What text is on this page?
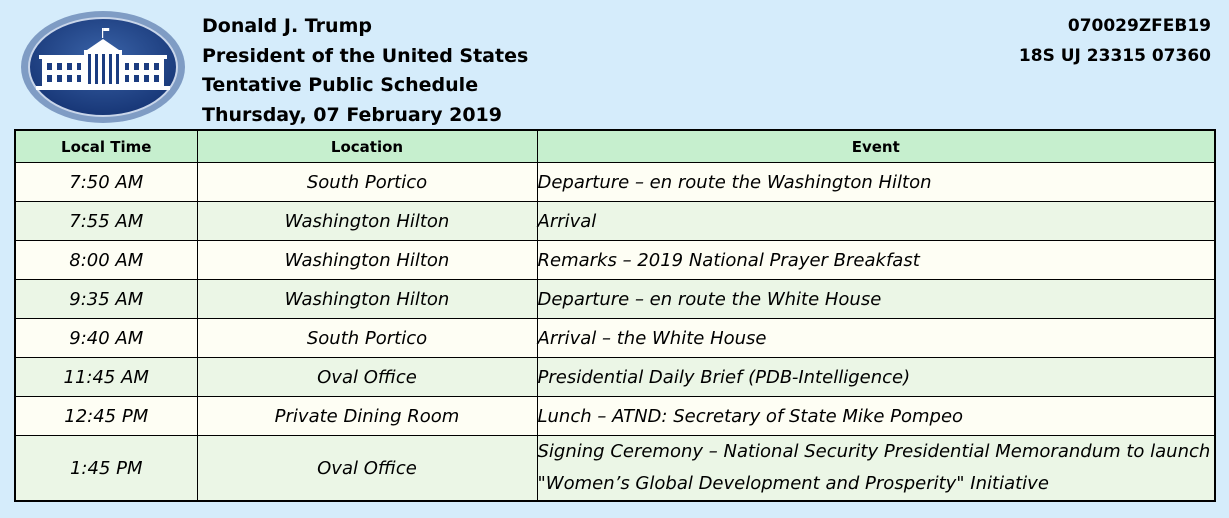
Donald J. Trump
President of the United States
Tentative Public Schedule
Thursday, 07 February 2019
070029ZFEB19
18S UJ 23315 07360
Local Time	Location	Event
7:50 AM	South Portico	Departure – en route the Washington Hilton
7:55 AM	Washington Hilton	Arrival
8:00 AM	Washington Hilton	Remarks – 2019 National Prayer Breakfast
9:35 AM	Washington Hilton	Departure – en route the White House
9:40 AM	South Portico	Arrival – the White House
11:45 AM	Oval Office	Presidential Daily Brief (PDB-Intelligence)
12:45 PM	Private Dining Room	Lunch – ATND: Secretary of State Mike Pompeo
1:45 PM	Oval Office	Signing Ceremony – National Security Presidential Memorandum to launch "Women’s Global Development and Prosperity" Initiative
